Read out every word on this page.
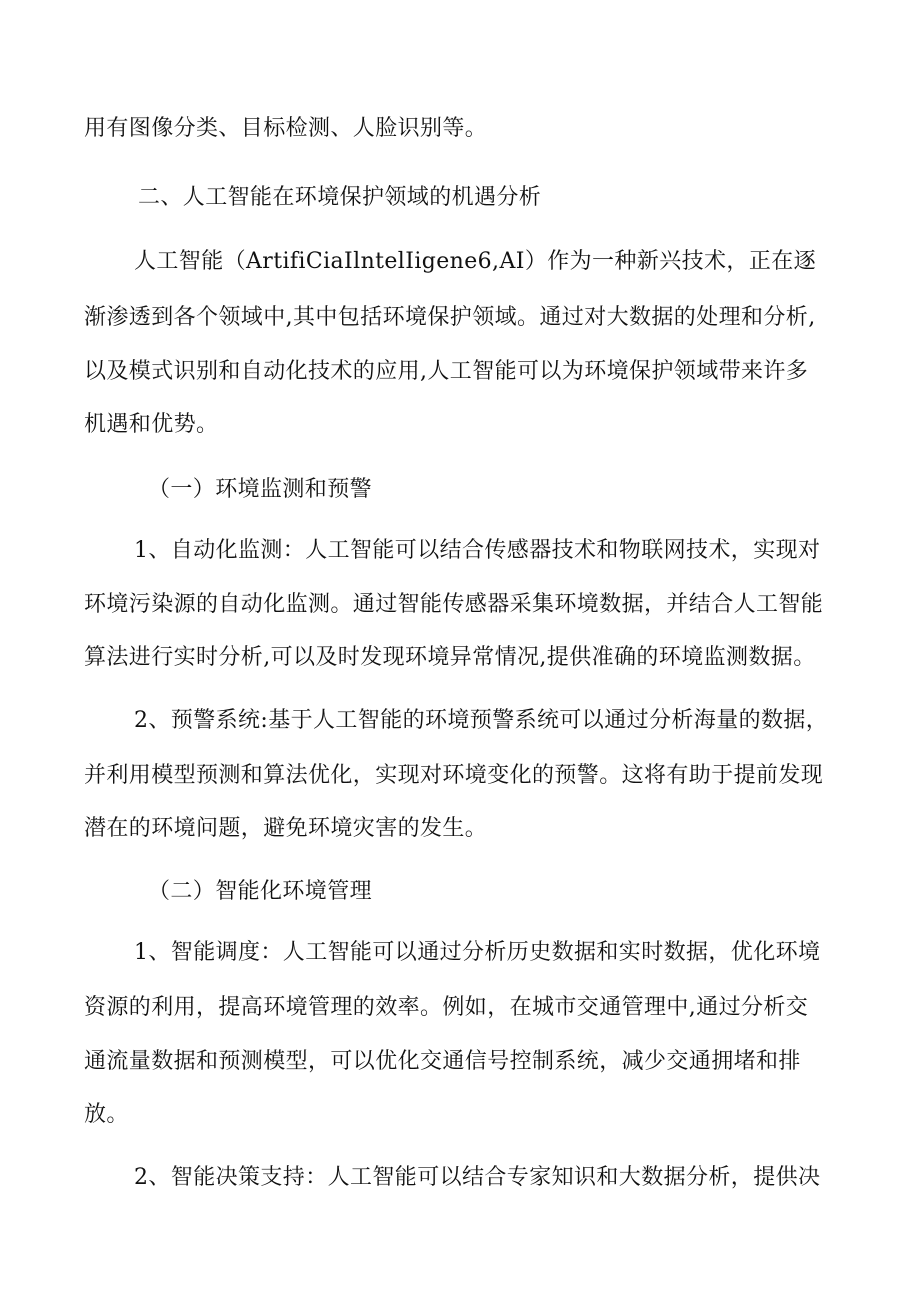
用有图像分类、目标检测、人脸识别等。
二、人工智能在环境保护领域的机遇分析
人工智能（ArtifiCiaIlntelIigene6,AI）作为一种新兴技术，正在逐
渐渗透到各个领域中,其中包括环境保护领域。通过对大数据的处理和分析,
以及模式识别和自动化技术的应用,人工智能可以为环境保护领域带来许多
机遇和优势。
（一）环境监测和预警
1、自动化监测：人工智能可以结合传感器技术和物联网技术，实现对
环境污染源的自动化监测。通过智能传感器采集环境数据，并结合人工智能
算法进行实时分析,可以及时发现环境异常情况,提供准确的环境监测数据。
2、预警系统:基于人工智能的环境预警系统可以通过分析海量的数据，
并利用模型预测和算法优化，实现对环境变化的预警。这将有助于提前发现
潜在的环境问题，避免环境灾害的发生。
（二）智能化环境管理
1、智能调度：人工智能可以通过分析历史数据和实时数据，优化环境
资源的利用，提高环境管理的效率。例如，在城市交通管理中,通过分析交
通流量数据和预测模型，可以优化交通信号控制系统，减少交通拥堵和排
放。
2、智能决策支持：人工智能可以结合专家知识和大数据分析，提供决
